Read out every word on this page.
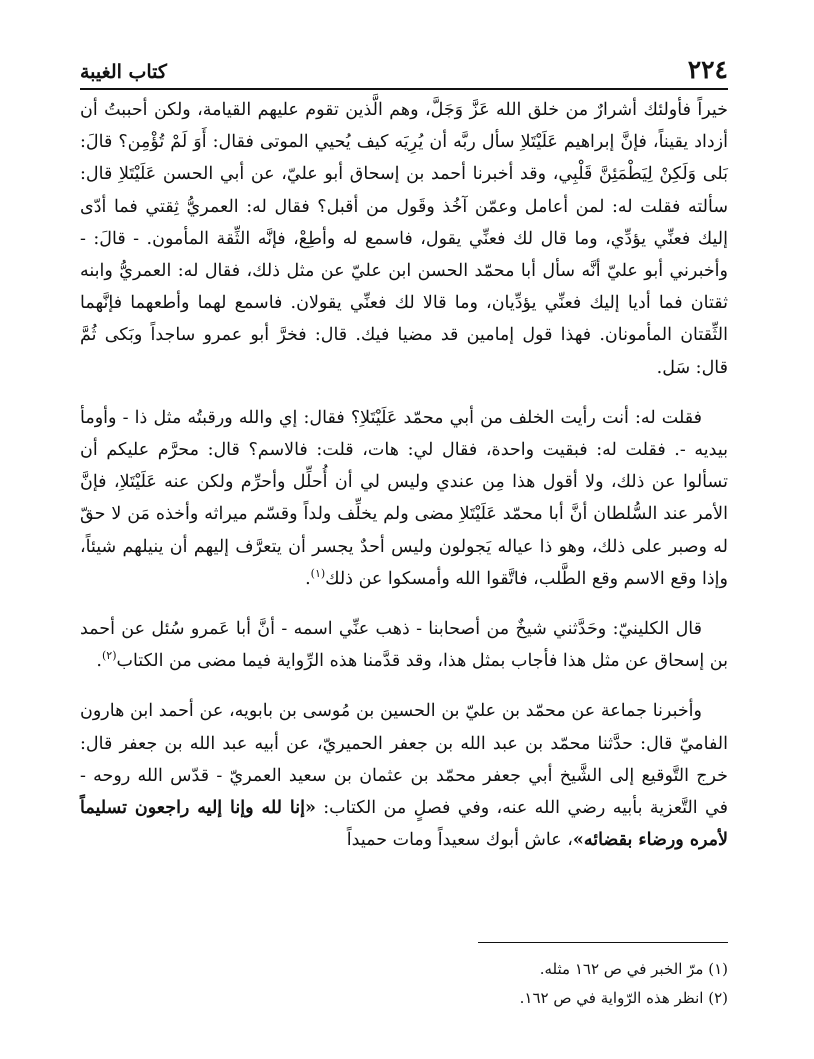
٢٢٤
كتاب الغيبة

خيراً فأولئك أشرارٌ من خلق الله عَزَّ وَجَلَّ، وهم الَّذين تقوم عليهم القيامة، ولكن أحببتُ أن أزداد يقيناً، فإنَّ إبراهيم عَلَيْتَلاِ سأل ربَّه أن يُرِيَه كيف يُحيي الموتى فقال: أَوَ لَمْ تُؤْمِن؟ قالَ: بَلى وَلَكِنْ لِيَطْمَئِنَّ قَلْبِي، وقد أخبرنا أحمد بن إسحاق أبو عليّ، عن أبي الحسن عَلَيْتَلاِ قال: سألته فقلت له: لمن أعامل وعمّن آخُذ وقَول من أقبل؟ فقال له: العمريُّ ثِقتي فما أدّى إليك فعنِّي يؤدِّي، وما قال لك فعنِّي يقول، فاسمع له وأطِعْ، فإنَّه الثِّقة المأمون. - قالَ: - وأخبرني أبو عليّ أنَّه سأل أبا محمّد الحسن ابن عليّ عن مثل ذلك، فقال له: العمريُّ وابنه ثقتان فما أديا إليك فعنِّي يؤدِّيان، وما قالا لك فعنِّي يقولان. فاسمع لهما وأطعهما فإنَّهما الثِّقتان المأمونان. فهذا قول إمامين قد مضيا فيك. قال: فخرَّ أبو عمرو ساجداً وبَكى ثُمَّ قال: سَل.

فقلت له: أنت رأيت الخلف من أبي محمّد عَلَيْتَلاِ؟ فقال: إي والله ورقبتُه مثل ذا - وأومأ بيديه -. فقلت له: فبقيت واحدة، فقال لي: هات، قلت: فالاسم؟ قال: محرَّم عليكم أن تسألوا عن ذلك، ولا أقول هذا مِن عندي وليس لي أن أُحلِّل وأحرِّم ولكن عنه عَلَيْتَلاِ، فإنَّ الأمر عند السُّلطان أنَّ أبا محمّد عَلَيْتَلاِ مضى ولم يخلِّف ولداً وقسّم ميراثه وأخذه مَن لا حقّ له وصبر على ذلك، وهو ذا عياله يَجولون وليس أحدٌ يجسر أن يتعرَّف إليهم أن ينيلهم شيئاً، وإذا وقع الاسم وقع الطَّلب، فاتَّقوا الله وأمسكوا عن ذلك$^{(١)}$.

قال الكلينيّ: وحَدَّثني شيخٌ من أصحابنا - ذهب عنِّي اسمه - أنَّ أبا عَمرو سُئل عن أحمد بن إسحاق عن مثل هذا فأجاب بمثل هذا، وقد قدَّمنا هذه الرِّواية فيما مضى من الكتاب$^{(٢)}$.

وأخبرنا جماعة عن محمّد بن عليّ بن الحسين بن مُوسى بن بابويه، عن أحمد ابن هارون الفاميّ قال: حدَّثنا محمّد بن عبد الله بن جعفر الحميريّ، عن أبيه عبد الله بن جعفر قال: خرج التَّوقيع إلى الشَّيخ أبي جعفر محمّد بن عثمان بن سعيد العمريّ - قدّس الله روحه - في التَّعزية بأبيه رضي الله عنه، وفي فصلٍ من الكتاب: «إنا لله وإنا إليه راجعون تسليماً لأمره ورضاء بقضائه»، عاش أبوك سعيداً ومات حميداً

(١) مرّ الخبر في ص ١٦٢ مثله.

(٢) انظر هذه الرّواية في ص ١٦٢.
